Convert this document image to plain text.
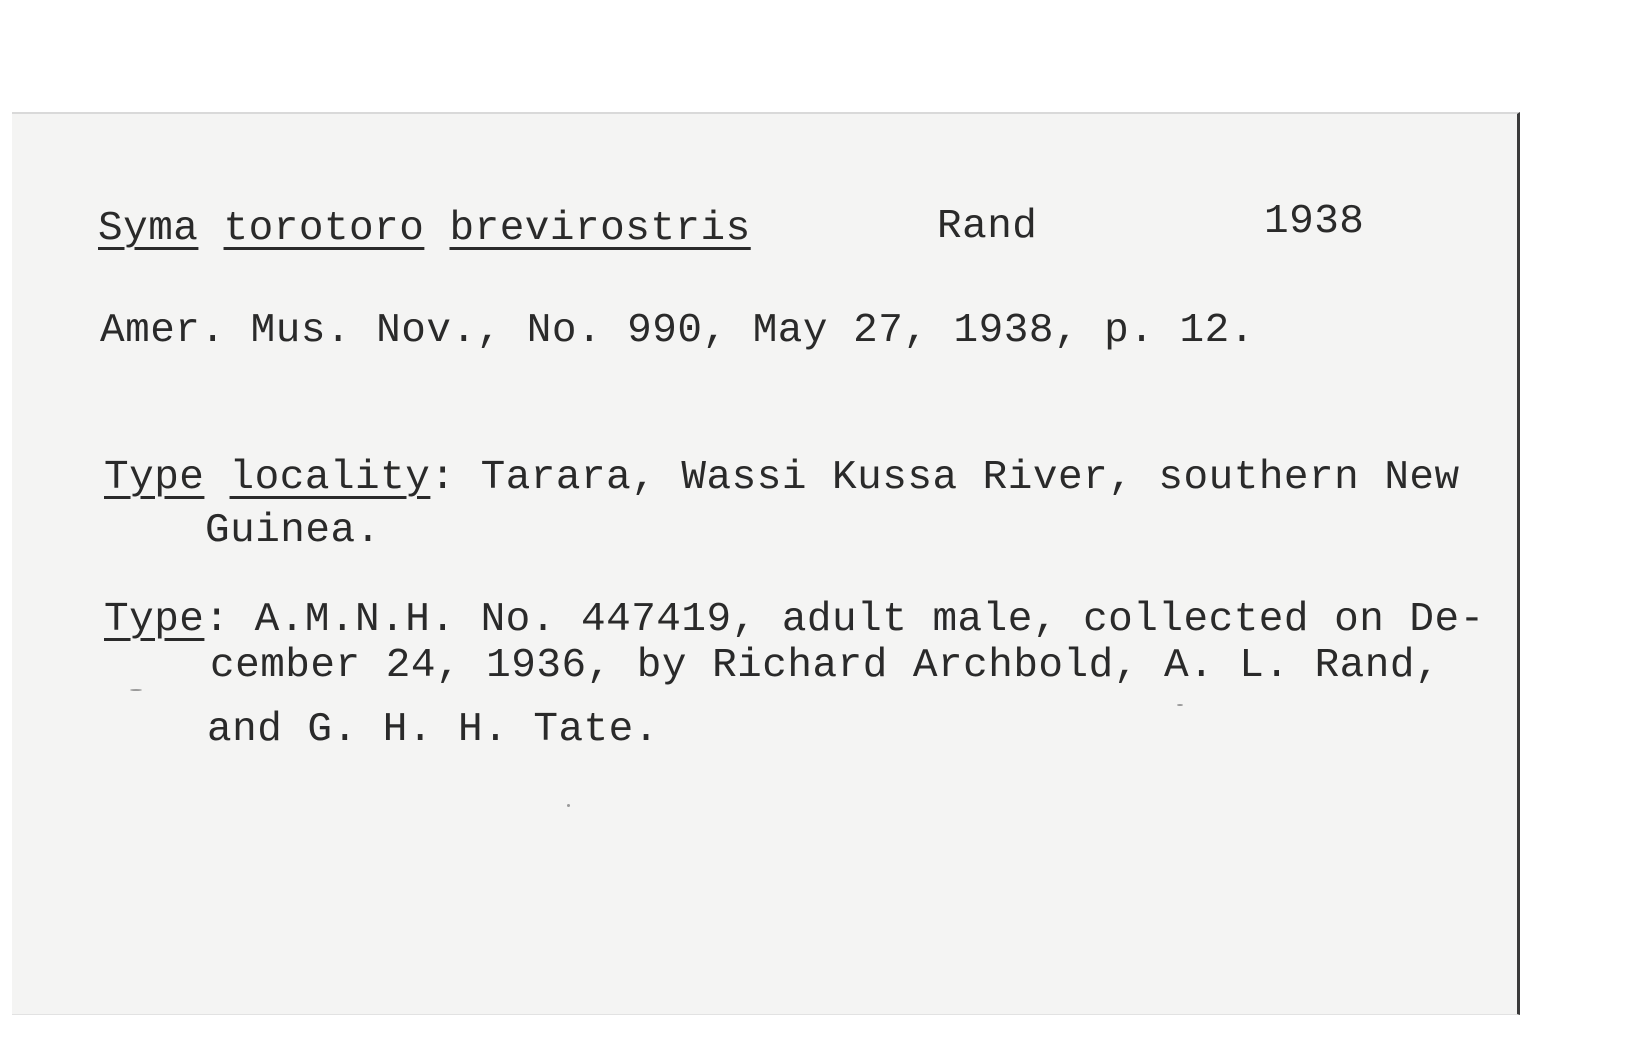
Syma torotoro brevirostris	Rand	1938
Amer. Mus. Nov., No. 990, May 27, 1938, p. 12.
Type locality: Tarara, Wassi Kussa River, southern New
Guinea.
Type: A.M.N.H. No. 447419, adult male, collected on De-
cember 24, 1936, by Richard Archbold, A. L. Rand,
and G. H. H. Tate.
